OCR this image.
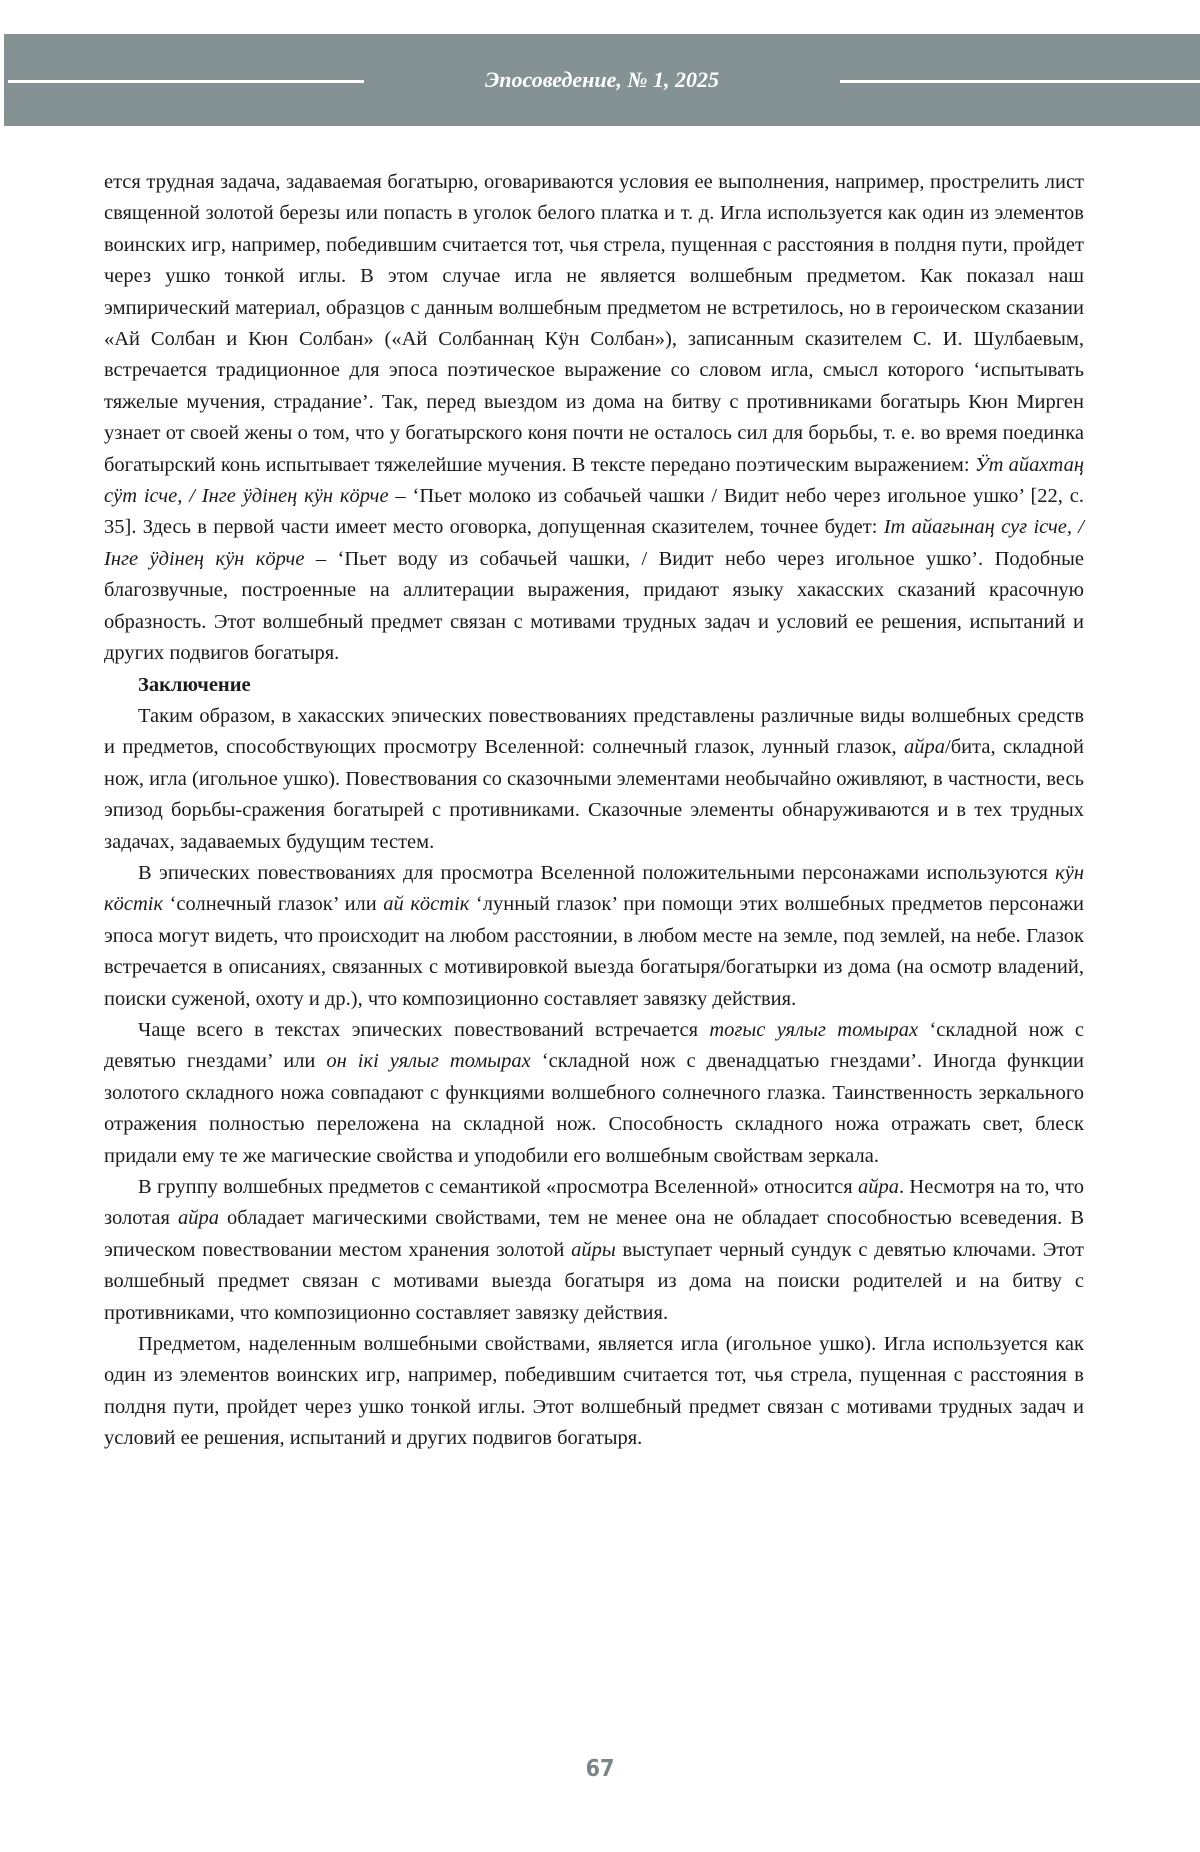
Эпосоведение, № 1, 2025

ется трудная задача, задаваемая богатырю, оговариваются условия ее выполнения, например, прострелить лист священной золотой березы или попасть в уголок белого платка и т. д. Игла используется как один из элементов воинских игр, например, победившим считается тот, чья стрела, пущенная с расстояния в полдня пути, пройдет через ушко тонкой иглы. В этом случае игла не является волшебным предметом. Как показал наш эмпирический материал, образцов с данным волшебным предметом не встретилось, но в героическом сказании «Ай Солбан и Кюн Солбан» («Ай Солбаннаң Кӱн Солбан»), записанным сказителем С. И. Шулбаевым, встречается традиционное для эпоса поэтическое выражение со словом игла, смысл которого ‘испытывать тяжелые мучения, страдание’. Так, перед выездом из дома на битву с противниками богатырь Кюн Мирген узнает от своей жены о том, что у богатырского коня почти не осталось сил для борьбы, т. е. во время поединка богатырский конь испытывает тяжелейшие мучения. В тексте передано поэтическим выражением: Ӱт айахтаң сӱт ісче, / Інге ӱдінең кӱн кӧрче – ‘Пьет молоко из собачьей чашки / Видит небо через игольное ушко’ [22, с. 35]. Здесь в первой части имеет место оговорка, допущенная сказителем, точнее будет: Іт айағынаң суғ ісче, / Інге ӱдінең кӱн кӧрче – ‘Пьет воду из собачьей чашки, / Видит небо через игольное ушко’. Подобные благозвучные, построенные на аллитерации выражения, придают языку хакасских сказаний красочную образность. Этот волшебный предмет связан с мотивами трудных задач и условий ее решения, испытаний и других подвигов богатыря.

Заключение

Таким образом, в хакасских эпических повествованиях представлены различные виды волшебных средств и предметов, способствующих просмотру Вселенной: солнечный глазок, лунный глазок, айра/бита, складной нож, игла (игольное ушко). Повествования со сказочными элементами необычайно оживляют, в частности, весь эпизод борьбы-сражения богатырей с противниками. Сказочные элементы обнаруживаются и в тех трудных задачах, задаваемых будущим тестем.

В эпических повествованиях для просмотра Вселенной положительными персонажами используются кӱн кӧстік ‘солнечный глазок’ или ай кӧстік ‘лунный глазок’ при помощи этих волшебных предметов персонажи эпоса могут видеть, что происходит на любом расстоянии, в любом месте на земле, под землей, на небе. Глазок встречается в описаниях, связанных с мотивировкой выезда богатыря/богатырки из дома (на осмотр владений, поиски суженой, охоту и др.), что композиционно составляет завязку действия.

Чаще всего в текстах эпических повествований встречается тоғыс уялыг томырах ‘складной нож с девятью гнездами’ или он ікі уялыг томырах ‘складной нож с двенадцатью гнездами’. Иногда функции золотого складного ножа совпадают с функциями волшебного солнечного глазка. Таинственность зеркального отражения полностью переложена на складной нож. Способность складного ножа отражать свет, блеск придали ему те же магические свойства и уподобили его волшебным свойствам зеркала.

В группу волшебных предметов с семантикой «просмотра Вселенной» относится айра. Несмотря на то, что золотая айра обладает магическими свойствами, тем не менее она не обладает способностью всеведения. В эпическом повествовании местом хранения золотой айры выступает черный сундук с девятью ключами. Этот волшебный предмет связан с мотивами выезда богатыря из дома на поиски родителей и на битву с противниками, что композиционно составляет завязку действия.

Предметом, наделенным волшебными свойствами, является игла (игольное ушко). Игла используется как один из элементов воинских игр, например, победившим считается тот, чья стрела, пущенная с расстояния в полдня пути, пройдет через ушко тонкой иглы. Этот волшебный предмет связан с мотивами трудных задач и условий ее решения, испытаний и других подвигов богатыря.

67
